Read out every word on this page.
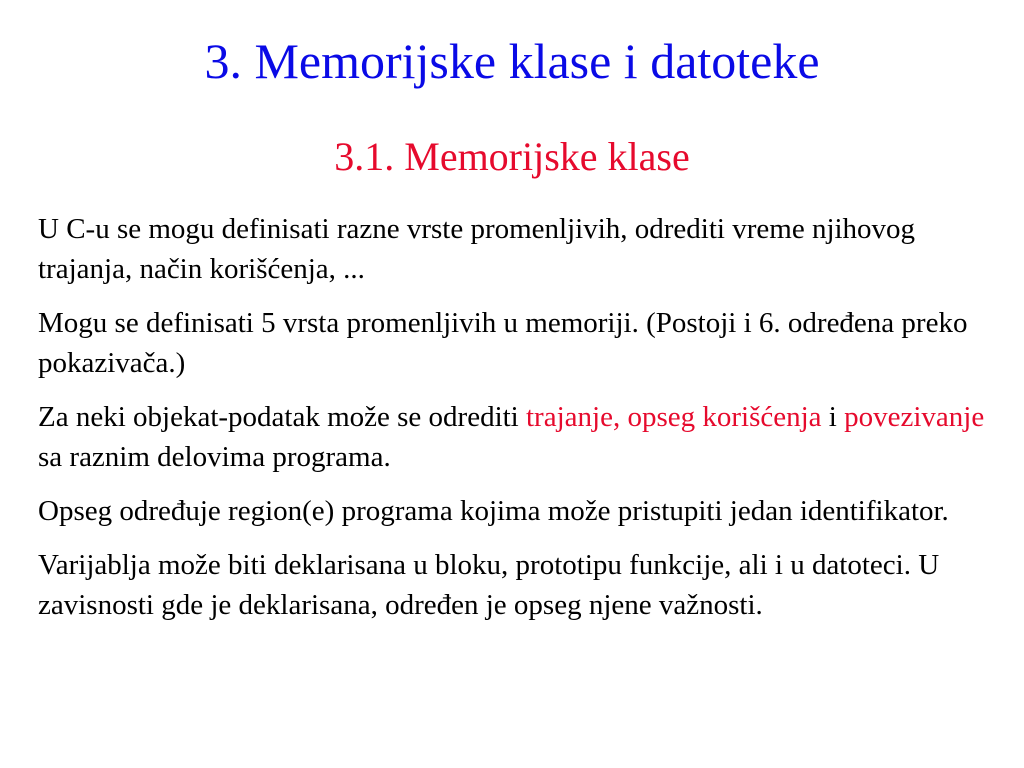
3. Memorijske klase i datoteke
3.1. Memorijske klase

U C-u se mogu definisati razne vrste promenljivih, odrediti vreme njihovog trajanja, način korišćenja, ...

Mogu se definisati 5 vrsta promenljivih u memoriji. (Postoji i 6. određena preko pokazivača.)

Za neki objekat-podatak može se odrediti trajanje, opseg korišćenja i povezivanje sa raznim delovima programa.

Opseg određuje region(e) programa kojima može pristupiti jedan identifikator.

Varijablja može biti deklarisana u bloku, prototipu funkcije, ali i u datoteci. U zavisnosti gde je deklarisana, određen je opseg njene važnosti.
